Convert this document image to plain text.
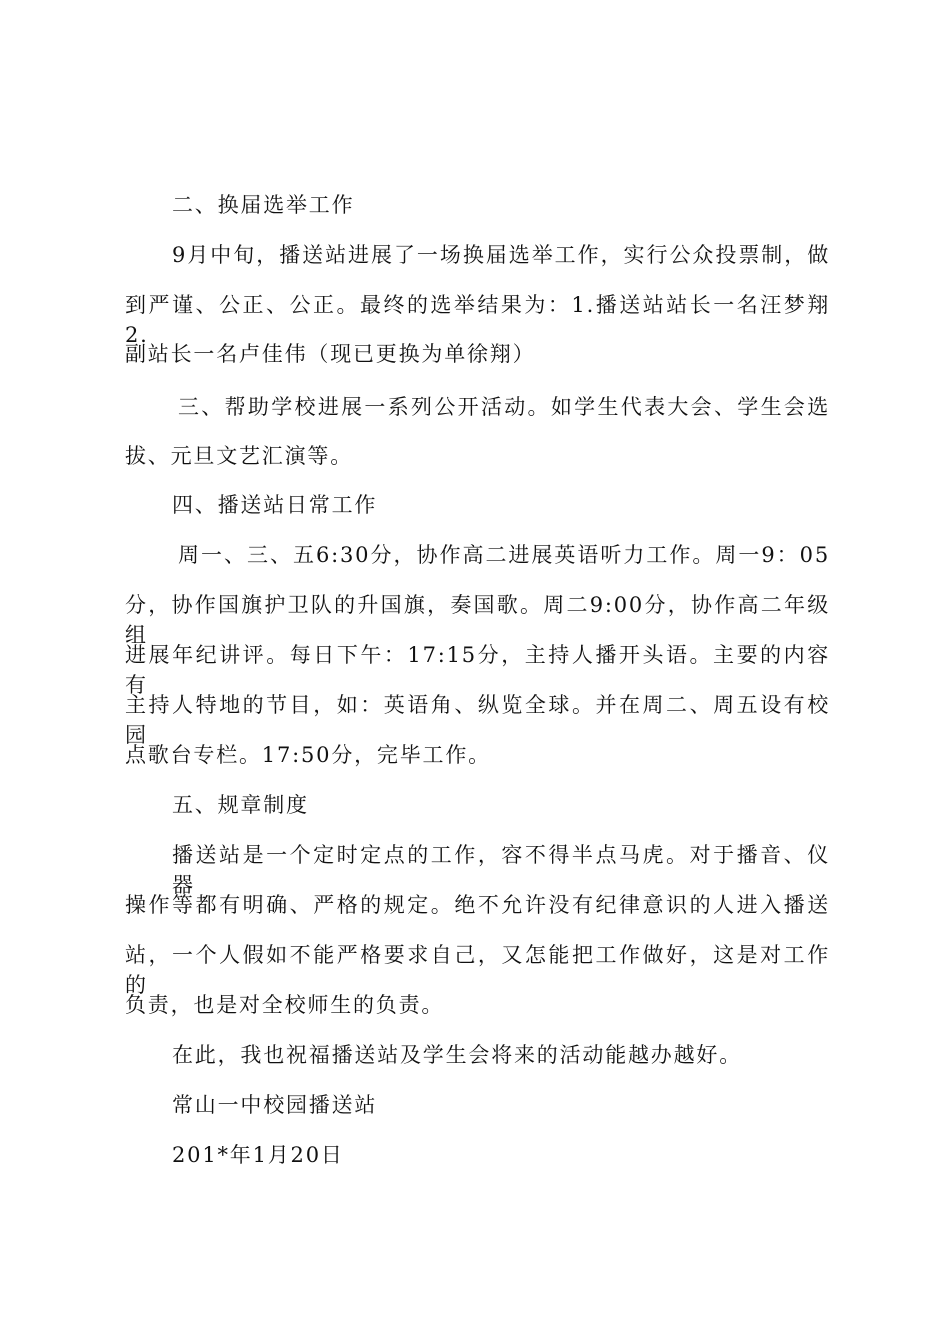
二、换届选举工作
9月中旬，播送站进展了一场换届选举工作，实行公众投票制，做
到严谨、公正、公正。最终的选举结果为：1.播送站站长一名汪梦翔2.
副站长一名卢佳伟（现已更换为单徐翔）
三、帮助学校进展一系列公开活动。如学生代表大会、学生会选
拔、元旦文艺汇演等。
四、播送站日常工作
周一、三、五6:30分，协作高二进展英语听力工作。周一9：05
分，协作国旗护卫队的升国旗，奏国歌。周二9:00分，协作高二年级组
进展年纪讲评。每日下午：17:15分，主持人播开头语。主要的内容有
主持人特地的节目，如：英语角、纵览全球。并在周二、周五设有校园
点歌台专栏。17:50分，完毕工作。
五、规章制度
播送站是一个定时定点的工作，容不得半点马虎。对于播音、仪器
操作等都有明确、严格的规定。绝不允许没有纪律意识的人进入播送
站，一个人假如不能严格要求自己，又怎能把工作做好，这是对工作的
负责，也是对全校师生的负责。
在此，我也祝福播送站及学生会将来的活动能越办越好。
常山一中校园播送站
201*年1月20日
